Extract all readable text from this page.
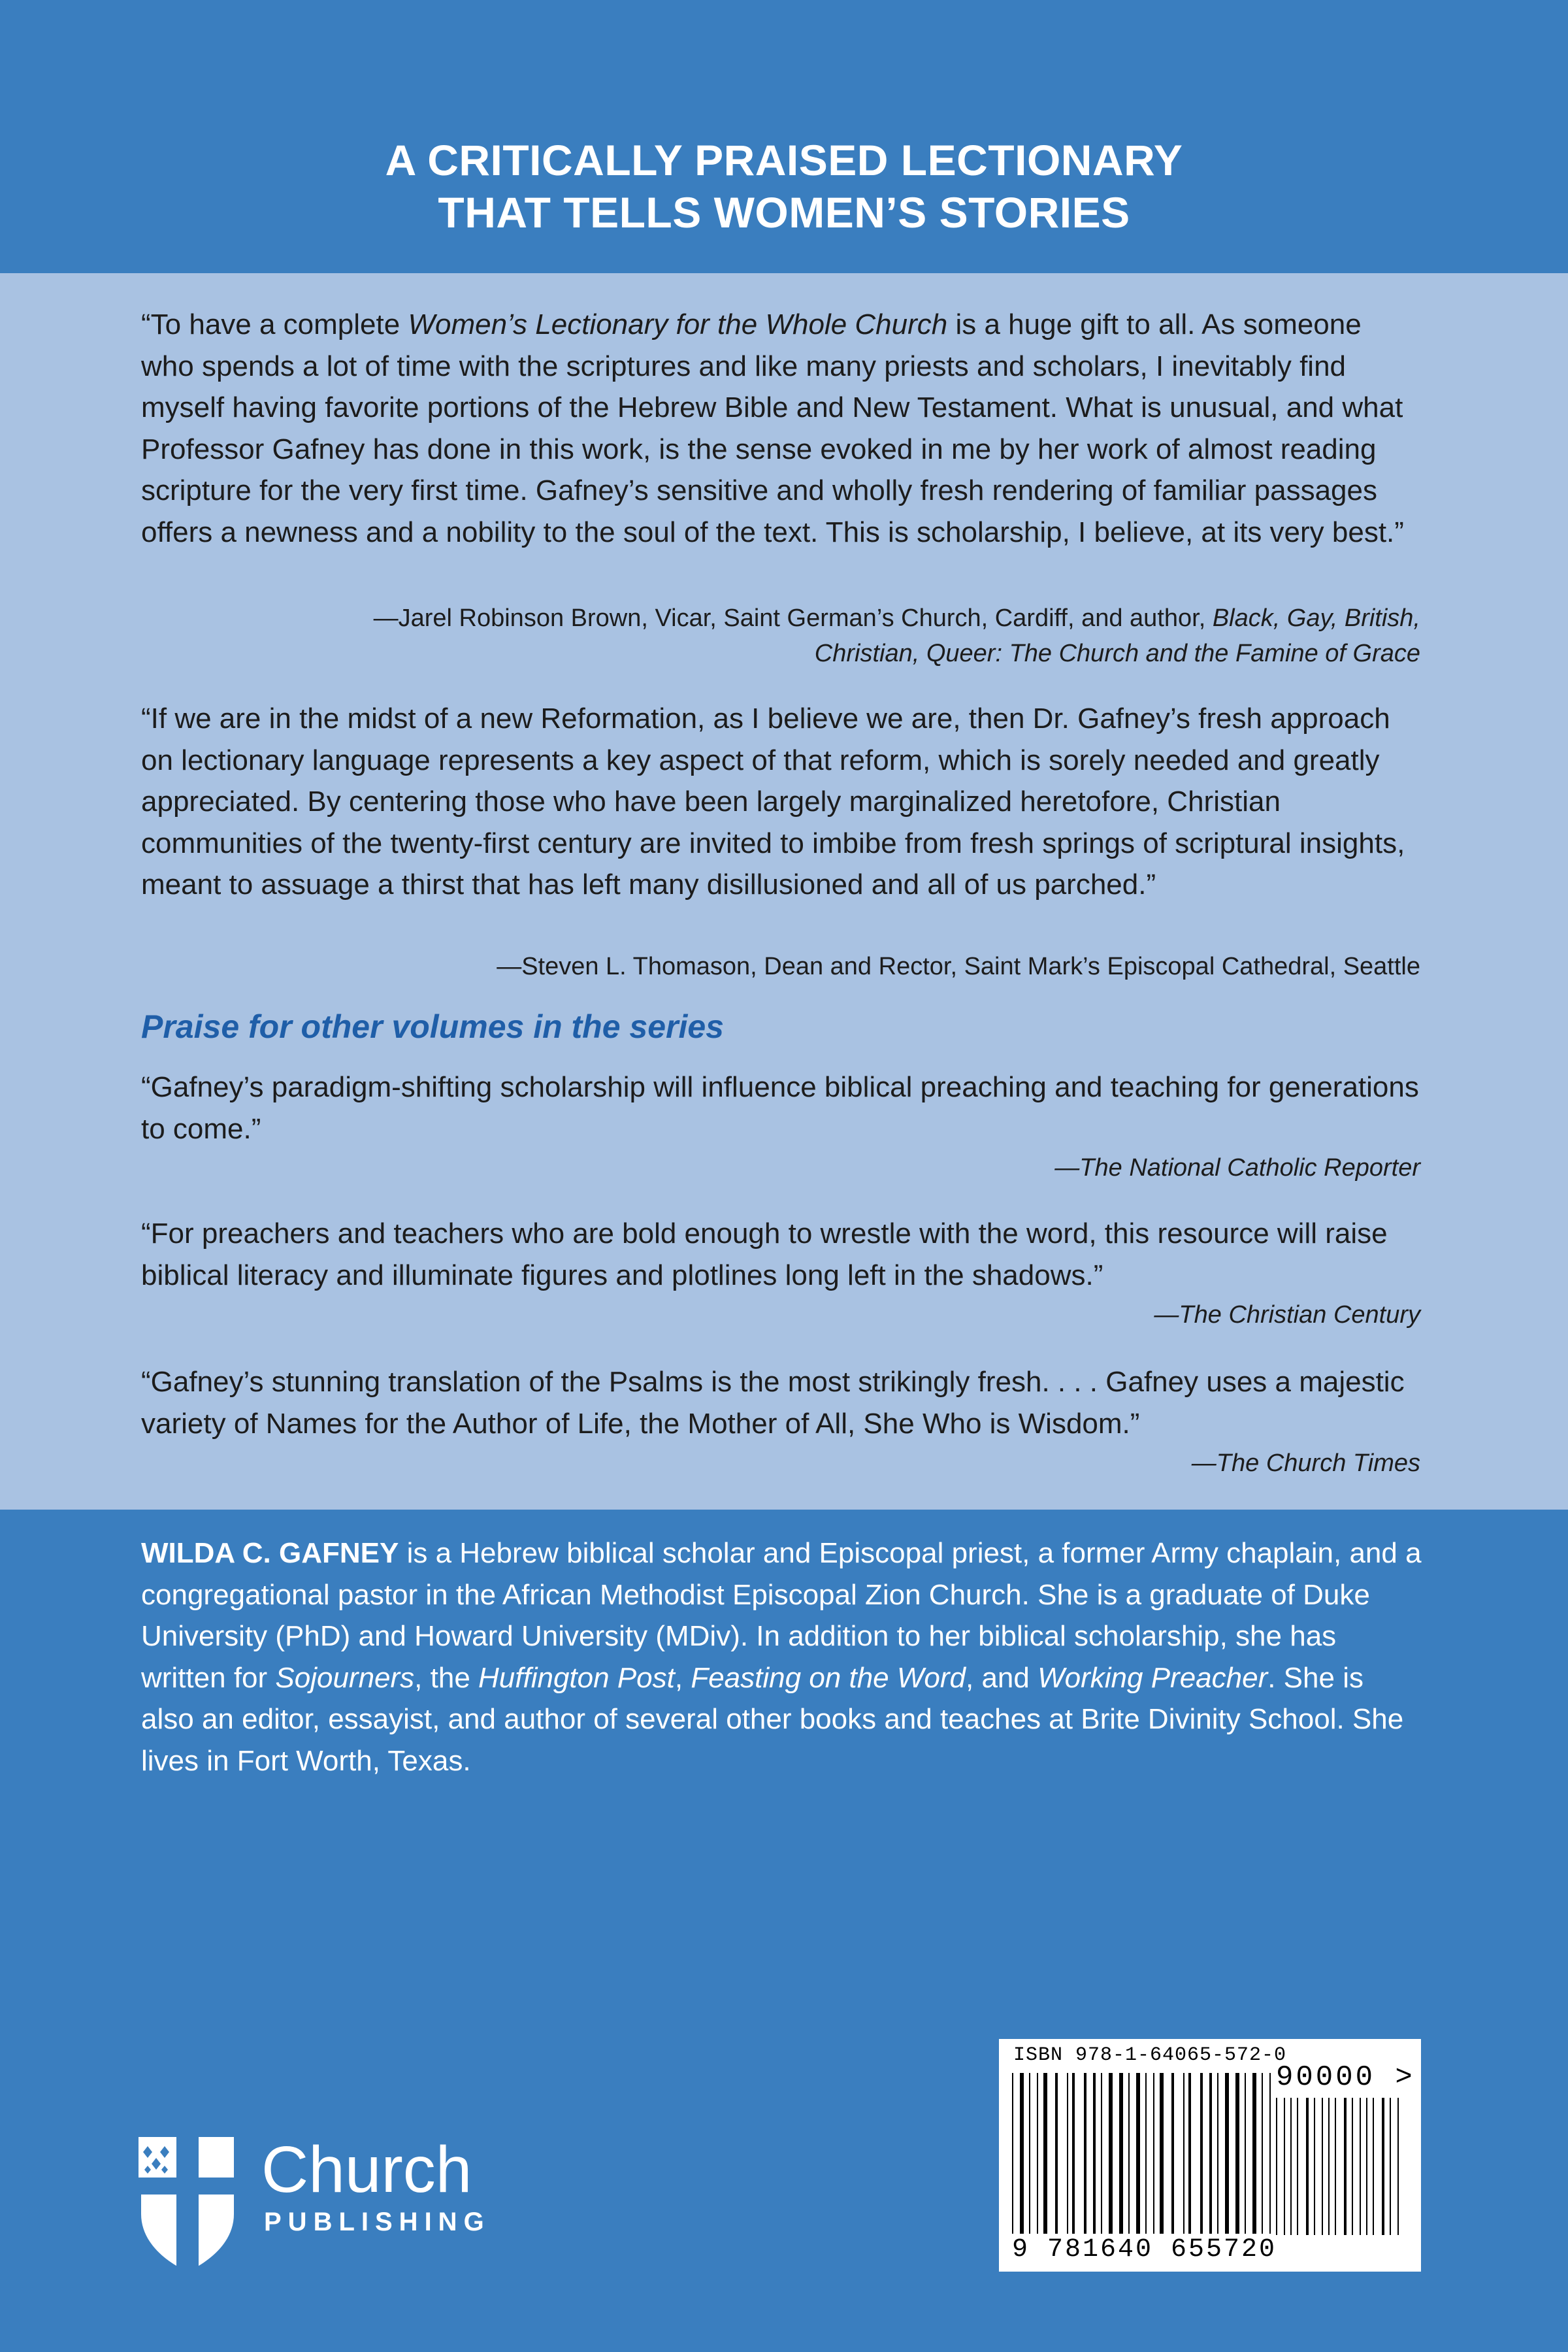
A CRITICALLY PRAISED LECTIONARY
THAT TELLS WOMEN’S STORIES
“To have a complete Women’s Lectionary for the Whole Church is a huge gift to all. As someone who spends a lot of time with the scriptures and like many priests and scholars, I inevitably find myself having favorite portions of the Hebrew Bible and New Testament. What is unusual, and what Professor Gafney has done in this work, is the sense evoked in me by her work of almost reading scripture for the very first time. Gafney’s sensitive and wholly fresh rendering of familiar passages offers a newness and a nobility to the soul of the text. This is scholarship, I believe, at its very best.”
—Jarel Robinson Brown, Vicar, Saint German’s Church, Cardiff, and author, Black, Gay, British,
Christian, Queer: The Church and the Famine of Grace
“If we are in the midst of a new Reformation, as I believe we are, then Dr. Gafney’s fresh approach on lectionary language represents a key aspect of that reform, which is sorely needed and greatly appreciated. By centering those who have been largely marginalized heretofore, Christian communities of the twenty-first century are invited to imbibe from fresh springs of scriptural insights, meant to assuage a thirst that has left many disillusioned and all of us parched.”
—Steven L. Thomason, Dean and Rector, Saint Mark’s Episcopal Cathedral, Seattle
Praise for other volumes in the series
“Gafney’s paradigm-shifting scholarship will influence biblical preaching and teaching for generations to come.”
—The National Catholic Reporter
“For preachers and teachers who are bold enough to wrestle with the word, this resource will raise biblical literacy and illuminate figures and plotlines long left in the shadows.”
—The Christian Century
“Gafney’s stunning translation of the Psalms is the most strikingly fresh. . . . Gafney uses a majestic variety of Names for the Author of Life, the Mother of All, She Who is Wisdom.”
—The Church Times
WILDA C. GAFNEY is a Hebrew biblical scholar and Episcopal priest, a former Army chaplain, and a congregational pastor in the African Methodist Episcopal Zion Church. She is a graduate of Duke University (PhD) and Howard University (MDiv). In addition to her biblical scholarship, she has written for Sojourners, the Huffington Post, Feasting on the Word, and Working Preacher. She is also an editor, essayist, and author of several other books and teaches at Brite Divinity School. She lives in Fort Worth, Texas.
Church
PUBLISHING
ISBN 978-1-64065-572-0
90000 >
9 781640 655720
